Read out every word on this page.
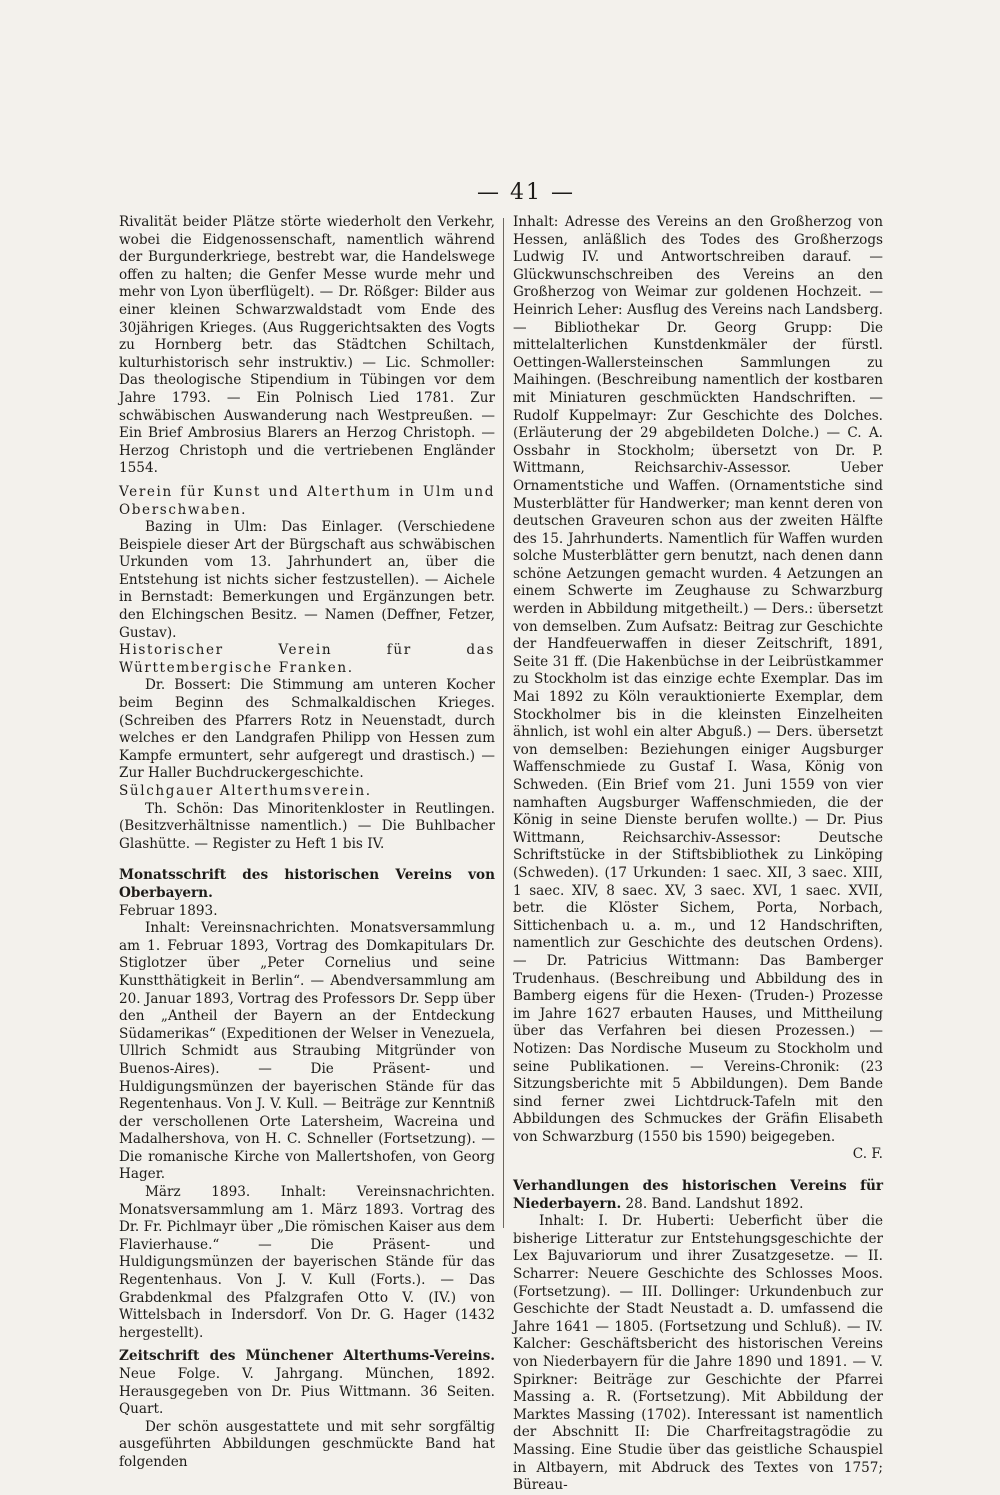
— 41 —

Rivalität beider Plätze störte wiederholt den Verkehr, wobei die Eidgenossenschaft, namentlich während der Burgunderkriege, bestrebt war, die Handelswege offen zu halten; die Genfer Messe wurde mehr und mehr von Lyon überflügelt). — Dr. Rößger: Bilder aus einer kleinen Schwarzwaldstadt vom Ende des 30jährigen Krieges. (Aus Ruggerichtsakten des Vogts zu Hornberg betr. das Städtchen Schiltach, kulturhistorisch sehr instruktiv.) — Lic. Schmoller: Das theologische Stipendium in Tübingen vor dem Jahre 1793. — Ein Polnisch Lied 1781. Zur schwäbischen Auswanderung nach Westpreußen. — Ein Brief Ambrosius Blarers an Herzog Christoph. — Herzog Christoph und die vertriebenen Engländer 1554.

Verein für Kunst und Alterthum in Ulm und Oberschwaben.

Bazing in Ulm: Das Einlager. (Verschiedene Beispiele dieser Art der Bürgschaft aus schwäbischen Urkunden vom 13. Jahrhundert an, über die Entstehung ist nichts sicher festzustellen). — Aichele in Bernstadt: Bemerkungen und Ergänzungen betr. den Elchingschen Besitz. — Namen (Deffner, Fetzer, Gustav).

Historischer Verein für das Württembergische Franken.

Dr. Bossert: Die Stimmung am unteren Kocher beim Beginn des Schmalkaldischen Krieges. (Schreiben des Pfarrers Rotz in Neuenstadt, durch welches er den Landgrafen Philipp von Hessen zum Kampfe ermuntert, sehr aufgeregt und drastisch.) — Zur Haller Buchdruckergeschichte.

Sülchgauer Alterthumsverein.

Th. Schön: Das Minoritenkloster in Reutlingen. (Besitzverhältnisse namentlich.) — Die Buhlbacher Glashütte. — Register zu Heft 1 bis IV.

Monatsschrift des historischen Vereins von Oberbayern.

Februar 1893.

Inhalt: Vereinsnachrichten. Monatsversammlung am 1. Februar 1893, Vortrag des Domkapitulars Dr. Stiglotzer über „Peter Cornelius und seine Kunstthätigkeit in Berlin“. — Abendversammlung am 20. Januar 1893, Vortrag des Professors Dr. Sepp über den „Antheil der Bayern an der Entdeckung Südamerikas“ (Expeditionen der Welser in Venezuela, Ullrich Schmidt aus Straubing Mitgründer von Buenos-Aires). — Die Präsent- und Huldigungsmünzen der bayerischen Stände für das Regentenhaus. Von J. V. Kull. — Beiträge zur Kenntniß der verschollenen Orte Latersheim, Wacreina und Madalhershova, von H. C. Schneller (Fortsetzung). — Die romanische Kirche von Mallertshofen, von Georg Hager.

März 1893. Inhalt: Vereinsnachrichten. Monatsversammlung am 1. März 1893. Vortrag des Dr. Fr. Pichlmayr über „Die römischen Kaiser aus dem Flavierhause.“ — Die Präsent- und Huldigungsmünzen der bayerischen Stände für das Regentenhaus. Von J. V. Kull (Forts.). — Das Grabdenkmal des Pfalzgrafen Otto V. (IV.) von Wittelsbach in Indersdorf. Von Dr. G. Hager (1432 hergestellt).

Zeitschrift des Münchener Alterthums-Vereins. Neue Folge. V. Jahrgang. München, 1892. Herausgegeben von Dr. Pius Wittmann. 36 Seiten. Quart.

Der schön ausgestattete und mit sehr sorgfältig ausgeführten Abbildungen geschmückte Band hat folgenden

Inhalt: Adresse des Vereins an den Großherzog von Hessen, anläßlich des Todes des Großherzogs Ludwig IV. und Antwortschreiben darauf. — Glückwunschschreiben des Vereins an den Großherzog von Weimar zur goldenen Hochzeit. — Heinrich Leher: Ausflug des Vereins nach Landsberg. — Bibliothekar Dr. Georg Grupp: Die mittelalterlichen Kunstdenkmäler der fürstl. Oettingen-Wallersteinschen Sammlungen zu Maihingen. (Beschreibung namentlich der kostbaren mit Miniaturen geschmückten Handschriften. — Rudolf Kuppelmayr: Zur Geschichte des Dolches. (Erläuterung der 29 abgebildeten Dolche.) — C. A. Ossbahr in Stockholm; übersetzt von Dr. P. Wittmann, Reichsarchiv-Assessor. Ueber Ornamentstiche und Waffen. (Ornamentstiche sind Musterblätter für Handwerker; man kennt deren von deutschen Graveuren schon aus der zweiten Hälfte des 15. Jahrhunderts. Namentlich für Waffen wurden solche Musterblätter gern benutzt, nach denen dann schöne Aetzungen gemacht wurden. 4 Aetzungen an einem Schwerte im Zeughause zu Schwarzburg werden in Abbildung mitgetheilt.) — Ders.: übersetzt von demselben. Zum Aufsatz: Beitrag zur Geschichte der Handfeuerwaffen in dieser Zeitschrift, 1891, Seite 31 ff. (Die Hakenbüchse in der Leibrüstkammer zu Stockholm ist das einzige echte Exemplar. Das im Mai 1892 zu Köln verauktionierte Exemplar, dem Stockholmer bis in die kleinsten Einzelheiten ähnlich, ist wohl ein alter Abguß.) — Ders. übersetzt von demselben: Beziehungen einiger Augsburger Waffenschmiede zu Gustaf I. Wasa, König von Schweden. (Ein Brief vom 21. Juni 1559 von vier namhaften Augsburger Waffenschmieden, die der König in seine Dienste berufen wollte.) — Dr. Pius Wittmann, Reichsarchiv-Assessor: Deutsche Schriftstücke in der Stiftsbibliothek zu Linköping (Schweden). (17 Urkunden: 1 saec. XII, 3 saec. XIII, 1 saec. XIV, 8 saec. XV, 3 saec. XVI, 1 saec. XVII, betr. die Klöster Sichem, Porta, Norbach, Sittichenbach u. a. m., und 12 Handschriften, namentlich zur Geschichte des deutschen Ordens). — Dr. Patricius Wittmann: Das Bamberger Trudenhaus. (Beschreibung und Abbildung des in Bamberg eigens für die Hexen- (Truden-) Prozesse im Jahre 1627 erbauten Hauses, und Mittheilung über das Verfahren bei diesen Prozessen.) — Notizen: Das Nordische Museum zu Stockholm und seine Publikationen. — Vereins-Chronik: (23 Sitzungsberichte mit 5 Abbildungen). Dem Bande sind ferner zwei Lichtdruck-Tafeln mit den Abbildungen des Schmuckes der Gräfin Elisabeth von Schwarzburg (1550 bis 1590) beigegeben.

C. F.

Verhandlungen des historischen Vereins für Niederbayern. 28. Band. Landshut 1892.

Inhalt: I. Dr. Huberti: Ueberficht über die bisherige Litteratur zur Entstehungsgeschichte der Lex Bajuvariorum und ihrer Zusatzgesetze. — II. Scharrer: Neuere Geschichte des Schlosses Moos. (Fortsetzung). — III. Dollinger: Urkundenbuch zur Geschichte der Stadt Neustadt a. D. umfassend die Jahre 1641 — 1805. (Fortsetzung und Schluß). — IV. Kalcher: Geschäftsbericht des historischen Vereins von Niederbayern für die Jahre 1890 und 1891. — V. Spirkner: Beiträge zur Geschichte der Pfarrei Massing a. R. (Fortsetzung). Mit Abbildung der Marktes Massing (1702). Interessant ist namentlich der Abschnitt II: Die Charfreitagstragödie zu Massing. Eine Studie über das geistliche Schauspiel in Altbayern, mit Abdruck des Textes von 1757; Büreau-
